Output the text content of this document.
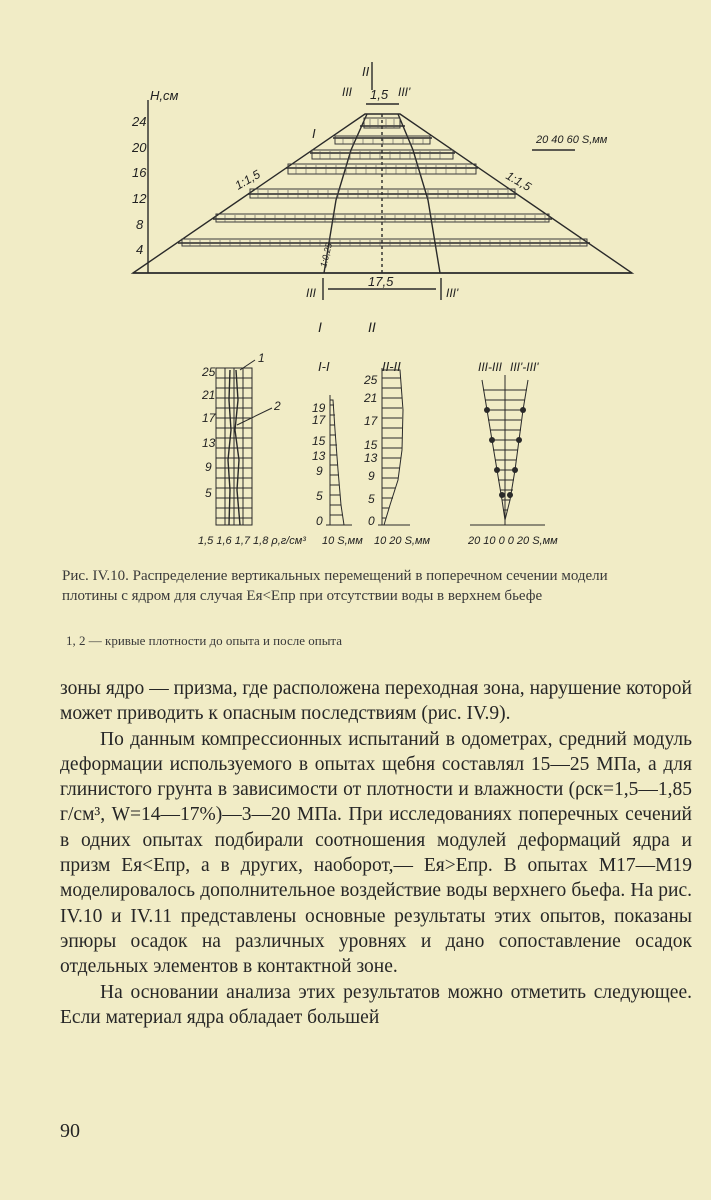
H,см
24
20
16
12
8
4
II
III 1,5 III'
I
1:1,5	1:1,5
1:0,25
20 40 60 S,мм
III
17,5
III'
I	II
25
21
17
13
9
5
1
2
1,5 1,6 1,7 1,8 ρ,г/см³
I-I
19
17
15
13
9
5
0
10 S,мм
II-II
25
21
17
15
13
9
5
0
10 20 S,мм
III-III III'-III'
20 10 0 0 20 S,мм
Рис. IV.10. Распределение вертикальных перемещений в поперечном сечении модели плотины с ядром для случая Eя<Eпр при отсутствии воды в верхнем бьефе
1, 2 — кривые плотности до опыта и после опыта

зоны ядро — призма, где расположена переходная зона, нарушение которой может приводить к опасным последствиям (рис. IV.9).

По данным компрессионных испытаний в одометрах, средний модуль деформации используемого в опытах щебня составлял 15—25 МПа, а для глинистого грунта в зависимости от плотности и влажности (ρск=1,5—1,85 г/см³, W=14—17%)—3—20 МПа. При исследованиях поперечных сечений в одних опытах подбирали соотношения модулей деформаций ядра и призм Eя<Eпр, а в других, наоборот,— Eя>Eпр. В опытах М17—М19 моделировалось дополнительное воздействие воды верхнего бьефа. На рис. IV.10 и IV.11 представлены основные результаты этих опытов, показаны эпюры осадок на различных уровнях и дано сопоставление осадок отдельных элементов в контактной зоне.

На основании анализа этих результатов можно отметить следующее. Если материал ядра обладает большей

90
